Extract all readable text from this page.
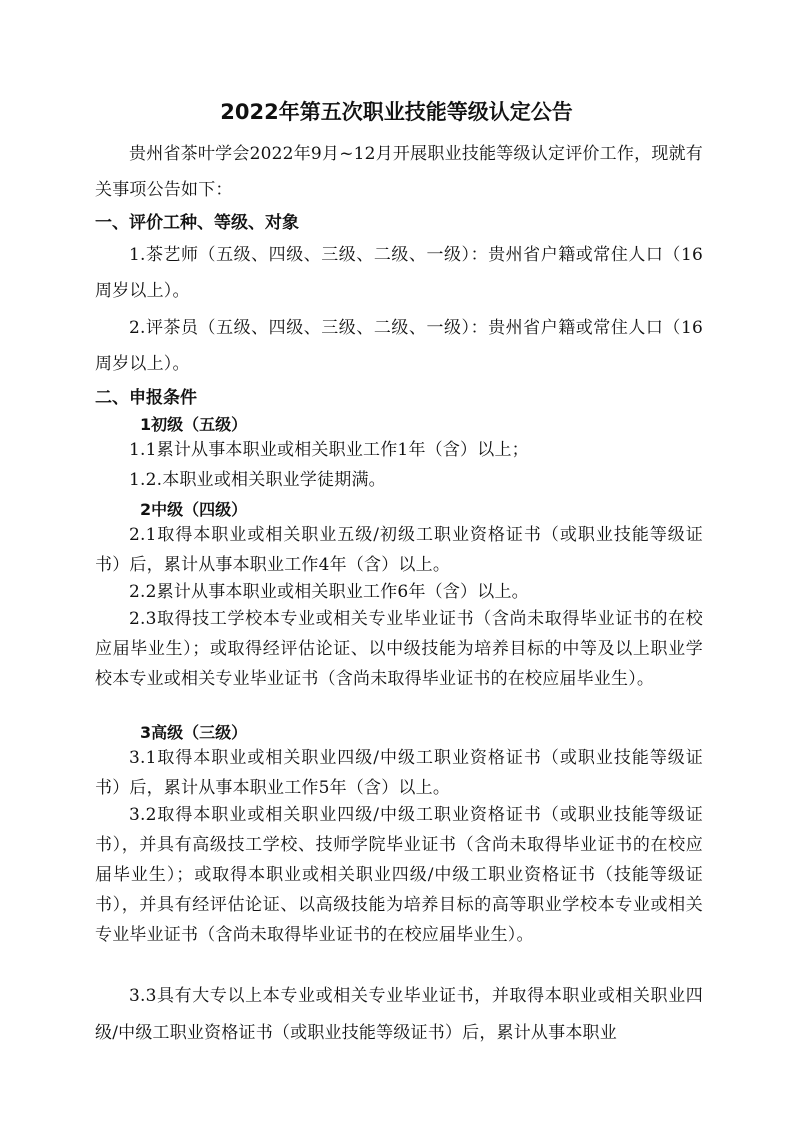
2022年第五次职业技能等级认定公告

贵州省茶叶学会2022年9月~12月开展职业技能等级认定评价工作，现就有关事项公告如下：

一、评价工种、等级、对象

1.茶艺师（五级、四级、三级、二级、一级）：贵州省户籍或常住人口（16周岁以上）。

2.评茶员（五级、四级、三级、二级、一级）：贵州省户籍或常住人口（16周岁以上）。

二、申报条件
1初级（五级）

1.1累计从事本职业或相关职业工作1年（含）以上；

1.2.本职业或相关职业学徒期满。

2中级（四级）

2.1取得本职业或相关职业五级/初级工职业资格证书（或职业技能等级证书）后，累计从事本职业工作4年（含）以上。

2.2累计从事本职业或相关职业工作6年（含）以上。

2.3取得技工学校本专业或相关专业毕业证书（含尚未取得毕业证书的在校应届毕业生）；或取得经评估论证、以中级技能为培养目标的中等及以上职业学校本专业或相关专业毕业证书（含尚未取得毕业证书的在校应届毕业生）。

3高级（三级）

3.1取得本职业或相关职业四级/中级工职业资格证书（或职业技能等级证书）后，累计从事本职业工作5年（含）以上。

3.2取得本职业或相关职业四级/中级工职业资格证书（或职业技能等级证书），并具有高级技工学校、技师学院毕业证书（含尚未取得毕业证书的在校应届毕业生）；或取得本职业或相关职业四级/中级工职业资格证书（技能等级证书），并具有经评估论证、以高级技能为培养目标的高等职业学校本专业或相关专业毕业证书（含尚未取得毕业证书的在校应届毕业生）。

3.3具有大专以上本专业或相关专业毕业证书，并取得本职业或相关职业四级/中级工职业资格证书（或职业技能等级证书）后，累计从事本职业
